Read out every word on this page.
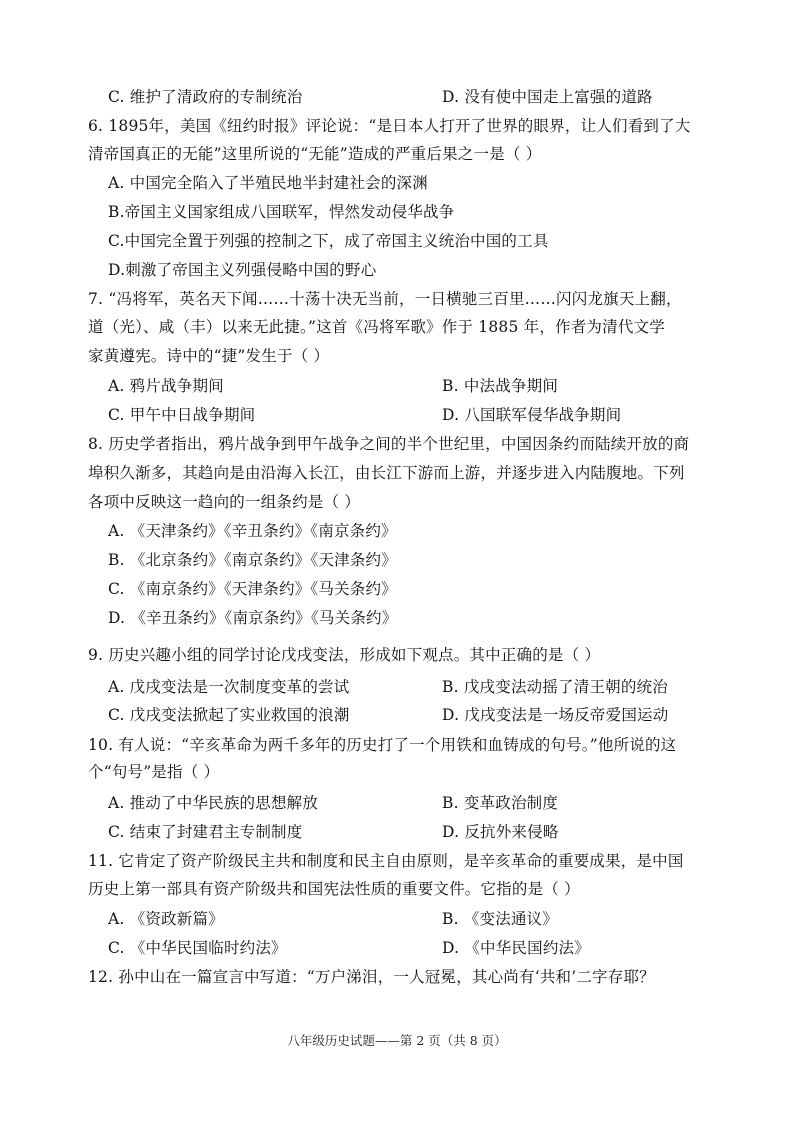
C. 维护了清政府的专制统治	D. 没有使中国走上富强的道路
6. 1895年，美国《纽约时报》评论说：“是日本人打开了世界的眼界，让人们看到了大
清帝国真正的无能”这里所说的“无能”造成的严重后果之一是（ ）
A. 中国完全陷入了半殖民地半封建社会的深渊
B.帝国主义国家组成八国联军，悍然发动侵华战争
C.中国完全置于列强的控制之下，成了帝国主义统治中国的工具
D.刺激了帝国主义列强侵略中国的野心
7. “冯将军，英名天下闻……十荡十决无当前，一日横驰三百里……闪闪龙旗天上翻，
道（光）、咸（丰）以来无此捷。”这首《冯将军歌》作于 1885 年，作者为清代文学
家黄遵宪。诗中的“捷”发生于（ ）
A. 鸦片战争期间	B. 中法战争期间
C. 甲午中日战争期间	D. 八国联军侵华战争期间
8. 历史学者指出，鸦片战争到甲午战争之间的半个世纪里，中国因条约而陆续开放的商
埠积久渐多，其趋向是由沿海入长江，由长江下游而上游，并逐步进入内陆腹地。下列
各项中反映这一趋向的一组条约是（ ）
A. 《天津条约》《辛丑条约》《南京条约》
B. 《北京条约》《南京条约》《天津条约》
C. 《南京条约》《天津条约》《马关条约》
D. 《辛丑条约》《南京条约》《马关条约》
9. 历史兴趣小组的同学讨论戊戌变法，形成如下观点。其中正确的是（ ）
A. 戊戌变法是一次制度变革的尝试	B. 戊戌变法动摇了清王朝的统治
C. 戊戌变法掀起了实业救国的浪潮	D. 戊戌变法是一场反帝爱国运动
10. 有人说：“辛亥革命为两千多年的历史打了一个用铁和血铸成的句号。”他所说的这
个“句号”是指（ ）
A. 推动了中华民族的思想解放	B. 变革政治制度
C. 结束了封建君主专制制度	D. 反抗外来侵略
11. 它肯定了资产阶级民主共和制度和民主自由原则，是辛亥革命的重要成果，是中国
历史上第一部具有资产阶级共和国宪法性质的重要文件。它指的是（ ）
A. 《资政新篇》	B. 《变法通议》
C. 《中华民国临时约法》	D. 《中华民国约法》
12. 孙中山在一篇宣言中写道：“万户涕泪，一人冠冕，其心尚有‘共和’二字存耶？
八年级历史试题——第 2 页（共 8 页）
